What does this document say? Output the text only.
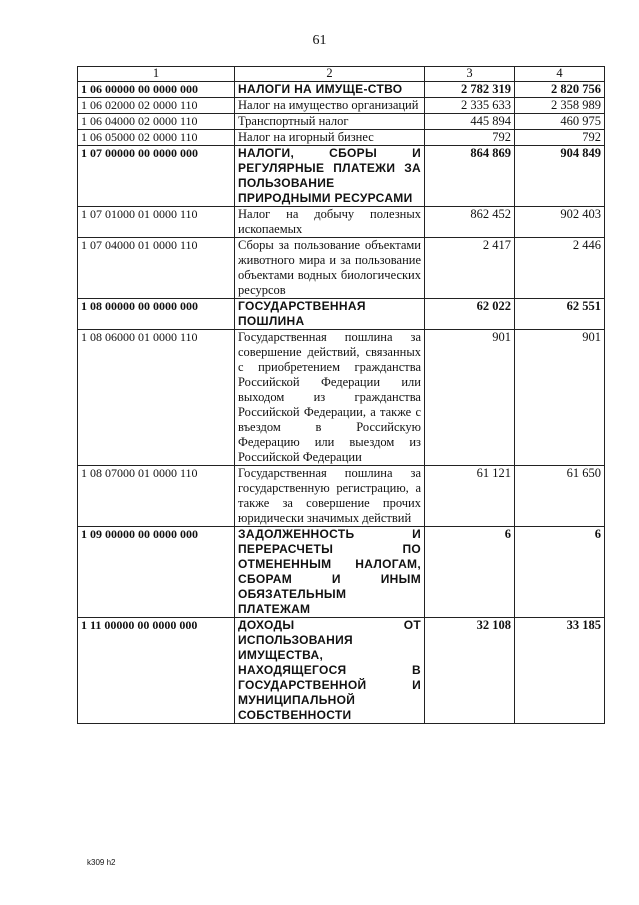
61
1	2	3	4
1 06 00000 00 0000 000	НАЛОГИ НА ИМУЩЕ-СТВО	2 782 319	2 820 756
1 06 02000 02 0000 110	Налог на имущество организаций	2 335 633	2 358 989
1 06 04000 02 0000 110	Транспортный налог	445 894	460 975
1 06 05000 02 0000 110	Налог на игорный бизнес	792	792
1 07 00000 00 0000 000	НАЛОГИ, СБОРЫ И РЕГУЛЯРНЫЕ ПЛАТЕЖИ ЗА ПОЛЬЗОВАНИЕ ПРИРОДНЫМИ РЕСУРСАМИ	864 869	904 849
1 07 01000 01 0000 110	Налог на добычу полезных ископаемых	862 452	902 403
1 07 04000 01 0000 110	Сборы за пользование объектами животного мира и за пользование объектами водных биологических ресурсов	2 417	2 446
1 08 00000 00 0000 000	ГОСУДАРСТВЕННАЯ ПОШЛИНА	62 022	62 551
1 08 06000 01 0000 110	Государственная пошлина за совершение действий, связанных с приобретением гражданства Российской Федерации или выходом из гражданства Российской Федерации, а также с въездом в Российскую Федерацию или выездом из Российской Федерации	901	901
1 08 07000 01 0000 110	Государственная пошлина за государственную регистрацию, а также за совершение прочих юридически значимых действий	61 121	61 650
1 09 00000 00 0000 000	ЗАДОЛЖЕННОСТЬ И ПЕРЕРАСЧЕТЫ ПО ОТМЕНЕННЫМ НАЛОГАМ, СБОРАМ И ИНЫМ ОБЯЗАТЕЛЬНЫМ ПЛАТЕЖАМ	6	6
1 11 00000 00 0000 000	ДОХОДЫ ОТ ИСПОЛЬЗОВАНИЯ ИМУЩЕСТВА, НАХОДЯЩЕГОСЯ В ГОСУДАРСТВЕННОЙ И МУНИЦИПАЛЬНОЙ СОБСТВЕННОСТИ	32 108	33 185
k309 h2
